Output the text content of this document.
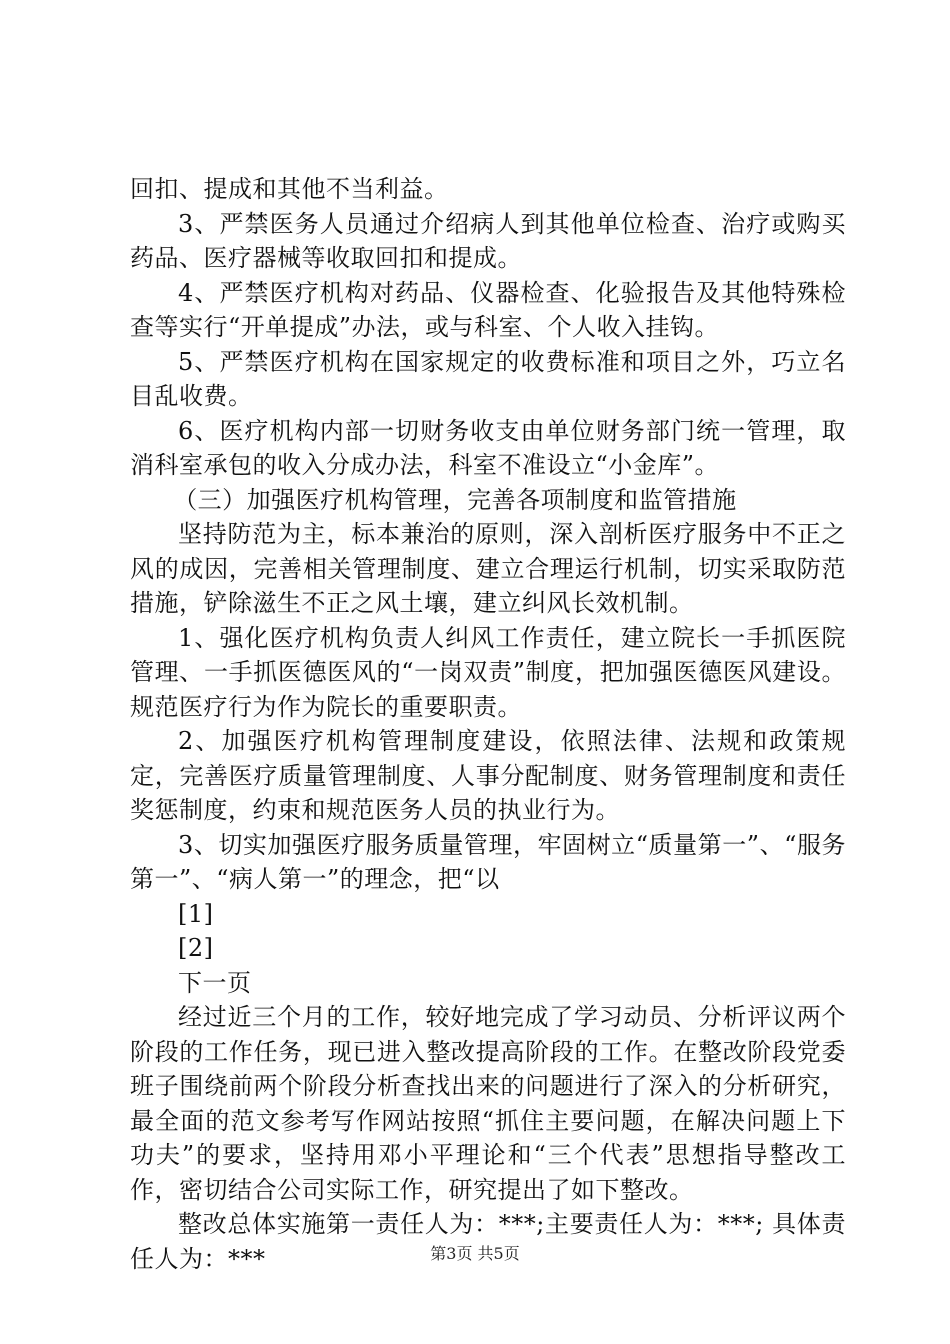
回扣、提成和其他不当利益。

3、严禁医务人员通过介绍病人到其他单位检查、治疗或购买药品、医疗器械等收取回扣和提成。

4、严禁医疗机构对药品、仪器检查、化验报告及其他特殊检查等实行“开单提成”办法，或与科室、个人收入挂钩。

5、严禁医疗机构在国家规定的收费标准和项目之外，巧立名目乱收费。

6、医疗机构内部一切财务收支由单位财务部门统一管理，取消科室承包的收入分成办法，科室不准设立“小金库”。

（三）加强医疗机构管理，完善各项制度和监管措施

坚持防范为主，标本兼治的原则，深入剖析医疗服务中不正之风的成因，完善相关管理制度、建立合理运行机制，切实采取防范措施，铲除滋生不正之风土壤，建立纠风长效机制。

1、强化医疗机构负责人纠风工作责任，建立院长一手抓医院管理、一手抓医德医风的“一岗双责”制度，把加强医德医风建设。规范医疗行为作为院长的重要职责。

2、加强医疗机构管理制度建设，依照法律、法规和政策规定，完善医疗质量管理制度、人事分配制度、财务管理制度和责任奖惩制度，约束和规范医务人员的执业行为。

3、切实加强医疗服务质量管理，牢固树立“质量第一”、“服务第一”、“病人第一”的理念，把“以

[1]

[2]

下一页

经过近三个月的工作，较好地完成了学习动员、分析评议两个阶段的工作任务，现已进入整改提高阶段的工作。在整改阶段党委班子围绕前两个阶段分析查找出来的问题进行了深入的分析研究，最全面的范文参考写作网站按照“抓住主要问题，在解决问题上下功夫”的要求，坚持用邓小平理论和“三个代表”思想指导整改工作，密切结合公司实际工作，研究提出了如下整改。

整改总体实施第一责任人为：***;主要责任人为：***; 具体责任人为：***	第3页 共5页
